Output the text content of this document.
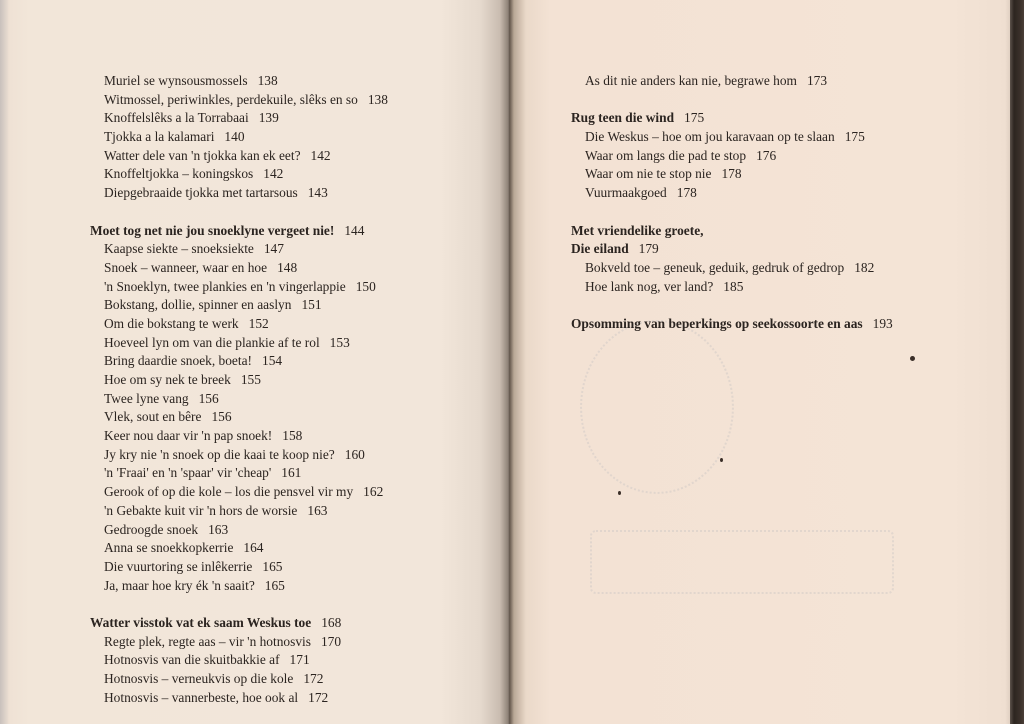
Muriel se wynsousmossels 138
Witmossel, periwinkles, perdekuile, slêks en so 138
Knoffelslêks a la Torrabaai 139
Tjokka a la kalamari 140
Watter dele van 'n tjokka kan ek eet? 142
Knoffeltjokka – koningskos 142
Diepgebraaide tjokka met tartarsous 143
Moet tog net nie jou snoeklyne vergeet nie! 144
Kaapse siekte – snoeksiekte 147
Snoek – wanneer, waar en hoe 148
'n Snoeklyn, twee plankies en 'n vingerlappie 150
Bokstang, dollie, spinner en aaslyn 151
Om die bokstang te werk 152
Hoeveel lyn om van die plankie af te rol 153
Bring daardie snoek, boeta! 154
Hoe om sy nek te breek 155
Twee lyne vang 156
Vlek, sout en bêre 156
Keer nou daar vir 'n pap snoek! 158
Jy kry nie 'n snoek op die kaai te koop nie? 160
'n 'Fraai' en 'n 'spaar' vir 'cheap' 161
Gerook of op die kole – los die pensvel vir my 162
'n Gebakte kuit vir 'n hors de worsie 163
Gedroogde snoek 163
Anna se snoekkopkerrie 164
Die vuurtoring se inlêkerrie 165
Ja, maar hoe kry ék 'n saait? 165
Watter visstok vat ek saam Weskus toe 168
Regte plek, regte aas – vir 'n hotnosvis 170
Hotnosvis van die skuitbakkie af 171
Hotnosvis – verneukvis op die kole 172
Hotnosvis – vannerbeste, hoe ook al 172
As dit nie anders kan nie, begrawe hom 173
Rug teen die wind 175
Die Weskus – hoe om jou karavaan op te slaan 175
Waar om langs die pad te stop 176
Waar om nie te stop nie 178
Vuurmaakgoed 178
Met vriendelike groete,
Die eiland 179
Bokveld toe – geneuk, geduik, gedruk of gedrop 182
Hoe lank nog, ver land? 185
Opsomming van beperkings op seekossoorte en aas 193
